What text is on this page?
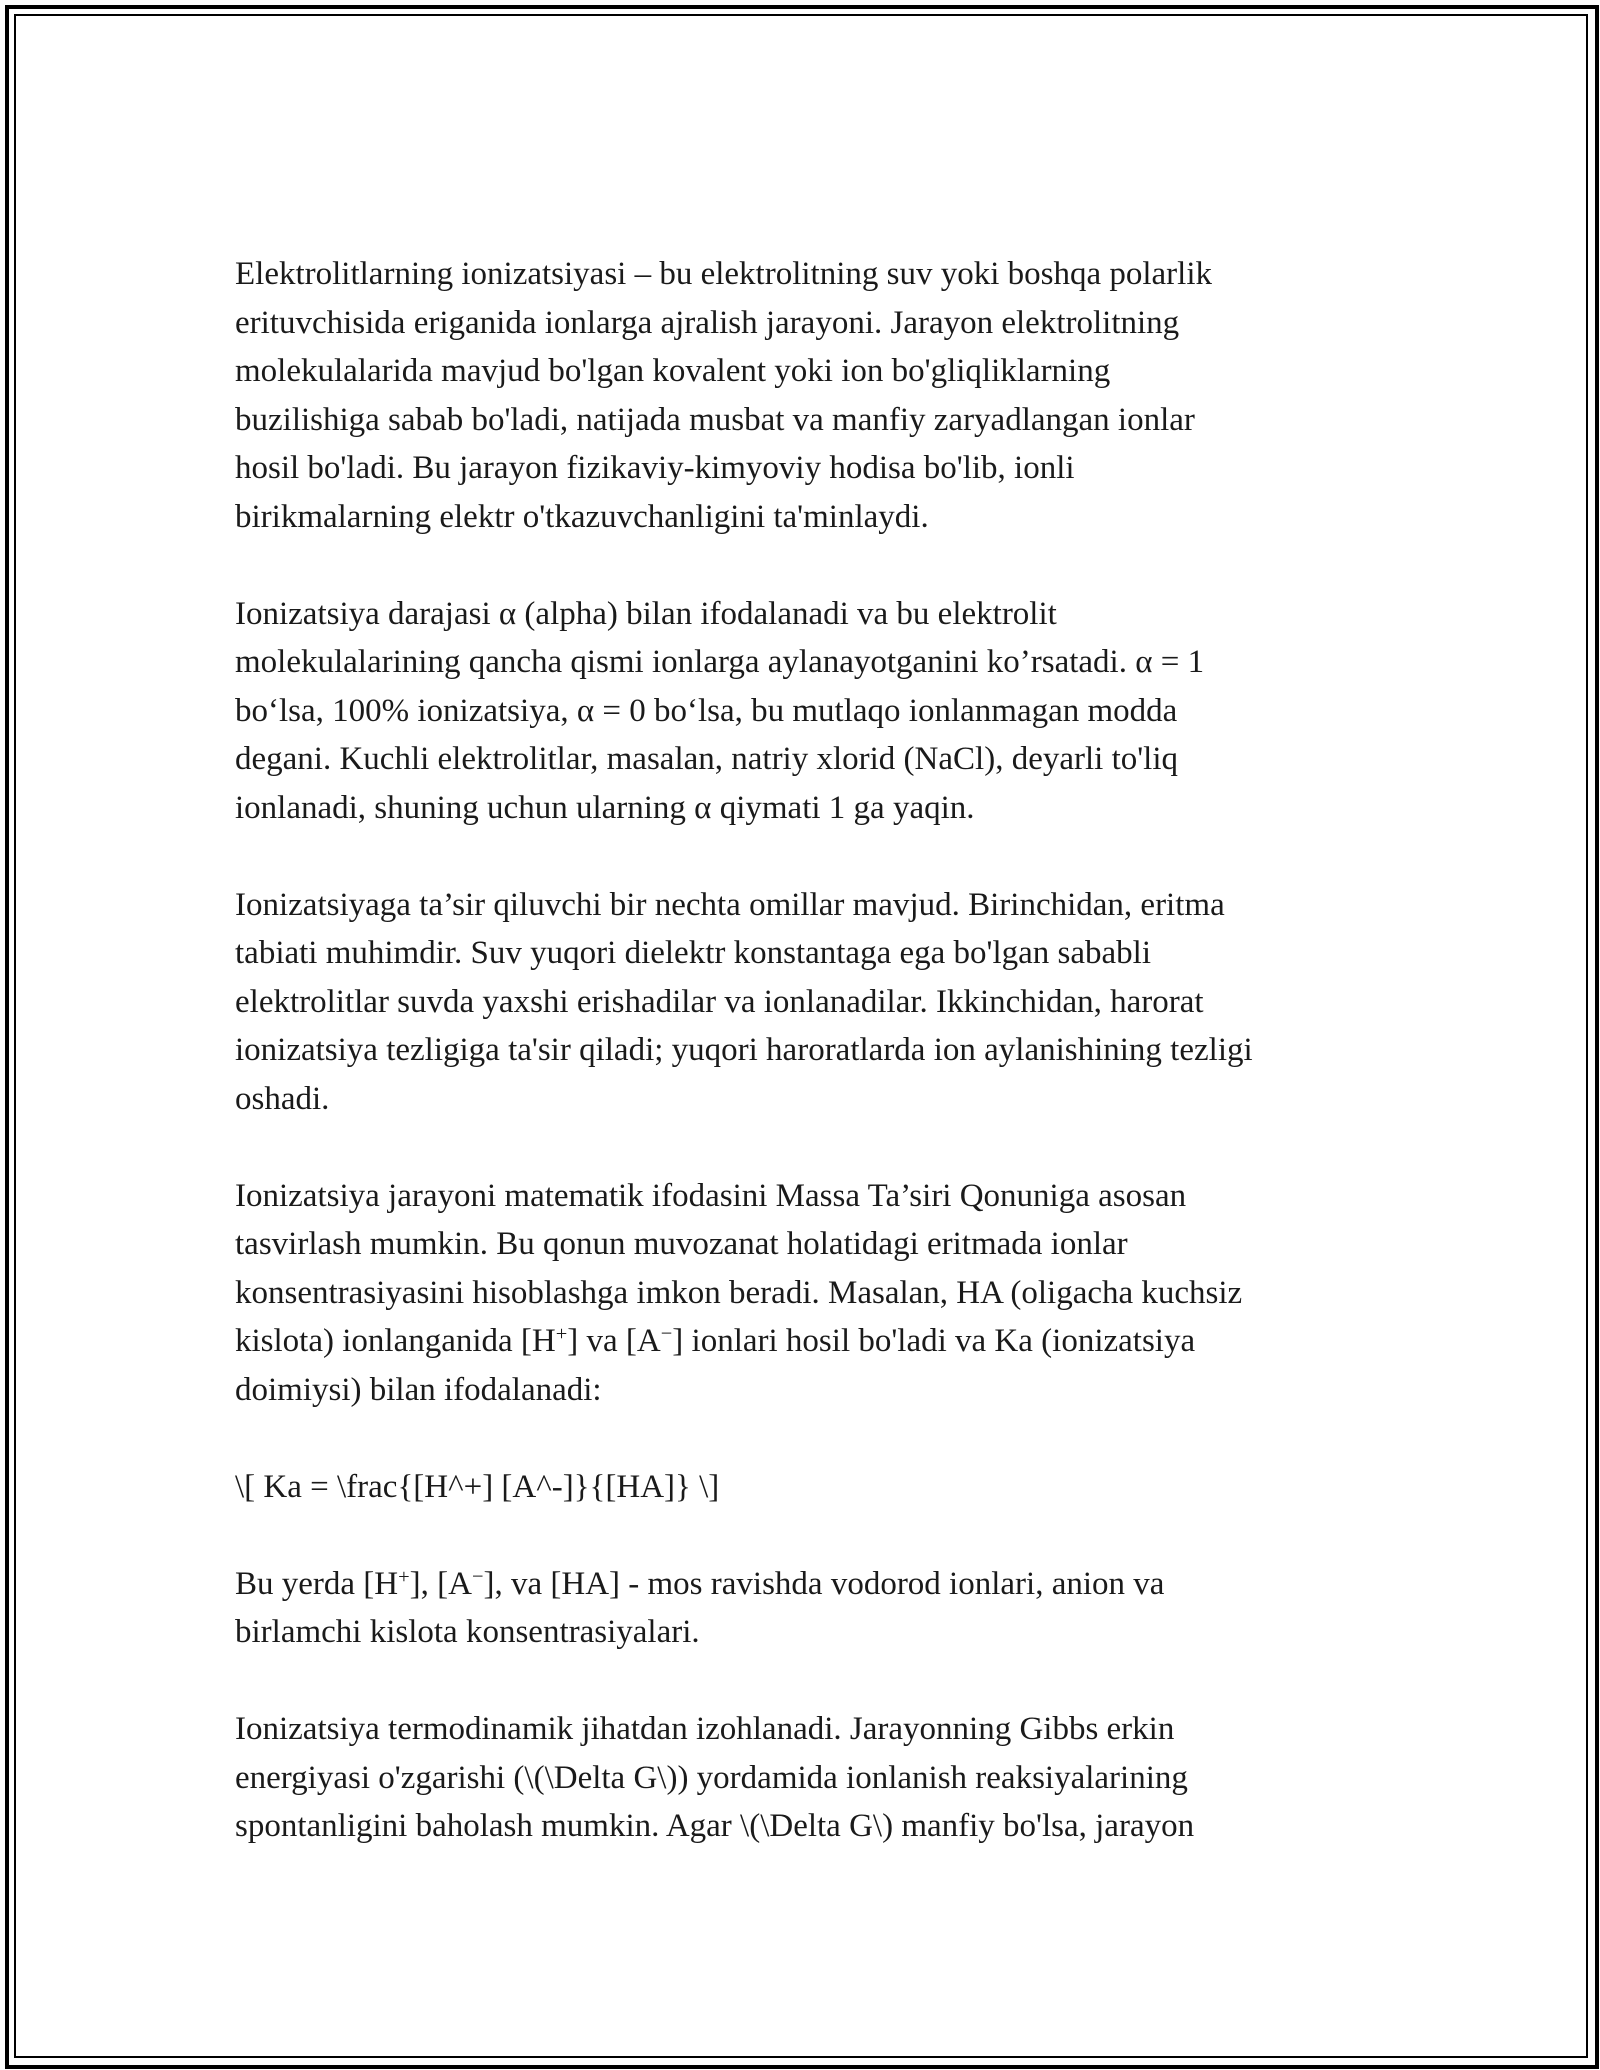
Elektrolitlarning ionizatsiyasi – bu elektrolitning suv yoki boshqa polarlik
erituvchisida eriganida ionlarga ajralish jarayoni. Jarayon elektrolitning
molekulalarida mavjud bo'lgan kovalent yoki ion bo'gliqliklarning
buzilishiga sabab bo'ladi, natijada musbat va manfiy zaryadlangan ionlar
hosil bo'ladi. Bu jarayon fizikaviy-kimyoviy hodisa bo'lib, ionli
birikmalarning elektr o'tkazuvchanligini ta'minlaydi.

Ionizatsiya darajasi α (alpha) bilan ifodalanadi va bu elektrolit
molekulalarining qancha qismi ionlarga aylanayotganini ko’rsatadi. α = 1
bo‘lsa, 100% ionizatsiya, α = 0 bo‘lsa, bu mutlaqo ionlanmagan modda
degani. Kuchli elektrolitlar, masalan, natriy xlorid (NaCl), deyarli to'liq
ionlanadi, shuning uchun ularning α qiymati 1 ga yaqin.

Ionizatsiyaga ta’sir qiluvchi bir nechta omillar mavjud. Birinchidan, eritma
tabiati muhimdir. Suv yuqori dielektr konstantaga ega bo'lgan sababli
elektrolitlar suvda yaxshi erishadilar va ionlanadilar. Ikkinchidan, harorat
ionizatsiya tezligiga ta'sir qiladi; yuqori haroratlarda ion aylanishining tezligi
oshadi.

Ionizatsiya jarayoni matematik ifodasini Massa Ta’siri Qonuniga asosan
tasvirlash mumkin. Bu qonun muvozanat holatidagi eritmada ionlar
konsentrasiyasini hisoblashga imkon beradi. Masalan, HA (oligacha kuchsiz
kislota) ionlanganida [H+] va [A−] ionlari hosil bo'ladi va Ka (ionizatsiya
doimiysi) bilan ifodalanadi:

\[ Ka = \frac{[H^+] [A^-]}{[HA]} \]

Bu yerda [H+], [A−], va [HA] - mos ravishda vodorod ionlari, anion va
birlamchi kislota konsentrasiyalari.

Ionizatsiya termodinamik jihatdan izohlanadi. Jarayonning Gibbs erkin
energiyasi o'zgarishi (\(\Delta G\)) yordamida ionlanish reaksiyalarining
spontanligini baholash mumkin. Agar \(\Delta G\) manfiy bo'lsa, jarayon
